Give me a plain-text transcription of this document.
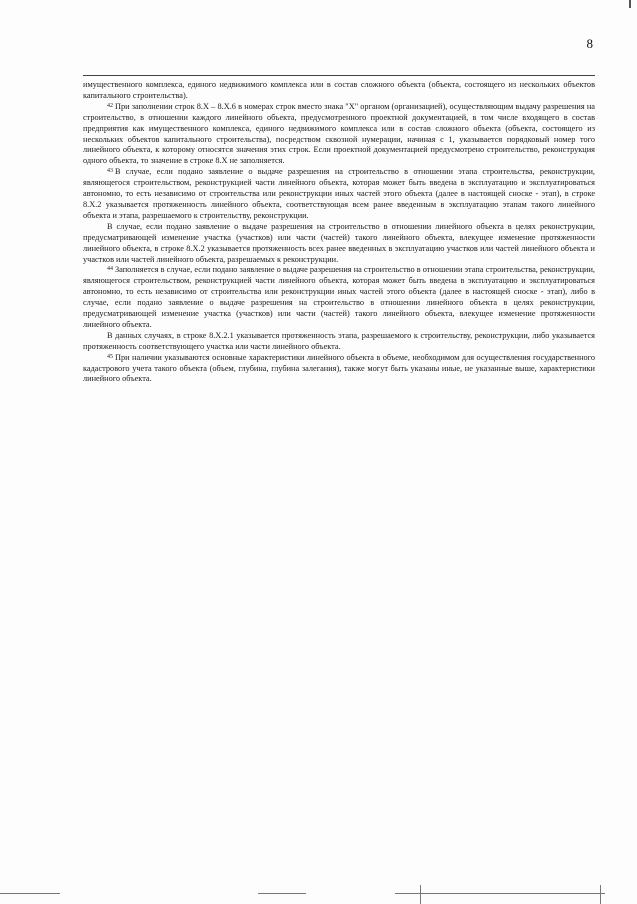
8

имущественного комплекса, единого недвижимого комплекса или в состав сложного объекта (объекта, состоящего из нескольких объектов капитального строительства).

$^{42}$ При заполнении строк 8.X – 8.X.6 в номерах строк вместо знака "X" органом (организацией), осуществляющим выдачу разрешения на строительство, в отношении каждого линейного объекта, предусмотренного проектной документацией, в том числе входящего в состав предприятия как имущественного комплекса, единого недвижимого комплекса или в состав сложного объекта (объекта, состоящего из нескольких объектов капитального строительства), посредством сквозной нумерации, начиная с 1, указывается порядковый номер того линейного объекта, к которому относятся значения этих строк. Если проектной документацией предусмотрено строительство, реконструкция одного объекта, то значение в строке 8.X не заполняется.

$^{43}$ В случае, если подано заявление о выдаче разрешения на строительство в отношении этапа строительства, реконструкции, являющегося строительством, реконструкцией части линейного объекта, которая может быть введена в эксплуатацию и эксплуатироваться автономно, то есть независимо от строительства или реконструкции иных частей этого объекта (далее в настоящей сноске - этап), в строке 8.X.2 указывается протяженность линейного объекта, соответствующая всем ранее введенным в эксплуатацию этапам такого линейного объекта и этапа, разрешаемого к строительству, реконструкции.

В случае, если подано заявление о выдаче разрешения на строительство в отношении линейного объекта в целях реконструкции, предусматривающей изменение участка (участков) или части (частей) такого линейного объекта, влекущее изменение протяженности линейного объекта, в строке 8.X.2 указывается протяженность всех ранее введенных в эксплуатацию участков или частей линейного объекта и участков или частей линейного объекта, разрешаемых к реконструкции.

$^{44}$ Заполняется в случае, если подано заявление о выдаче разрешения на строительство в отношении этапа строительства, реконструкции, являющегося строительством, реконструкцией части линейного объекта, которая может быть введена в эксплуатацию и эксплуатироваться автономно, то есть независимо от строительства или реконструкции иных частей этого объекта (далее в настоящей сноске - этап), либо в случае, если подано заявление о выдаче разрешения на строительство в отношении линейного объекта в целях реконструкции, предусматривающей изменение участка (участков) или части (частей) такого линейного объекта, влекущее изменение протяженности линейного объекта.

В данных случаях, в строке 8.X.2.1 указывается протяженность этапа, разрешаемого к строительству, реконструкции, либо указывается протяженность соответствующего участка или части линейного объекта.

$^{45}$ При наличии указываются основные характеристики линейного объекта в объеме, необходимом для осуществления государственного кадастрового учета такого объекта (объем, глубина, глубина залегания), также могут быть указаны иные, не указанные выше, характеристики линейного объекта.
